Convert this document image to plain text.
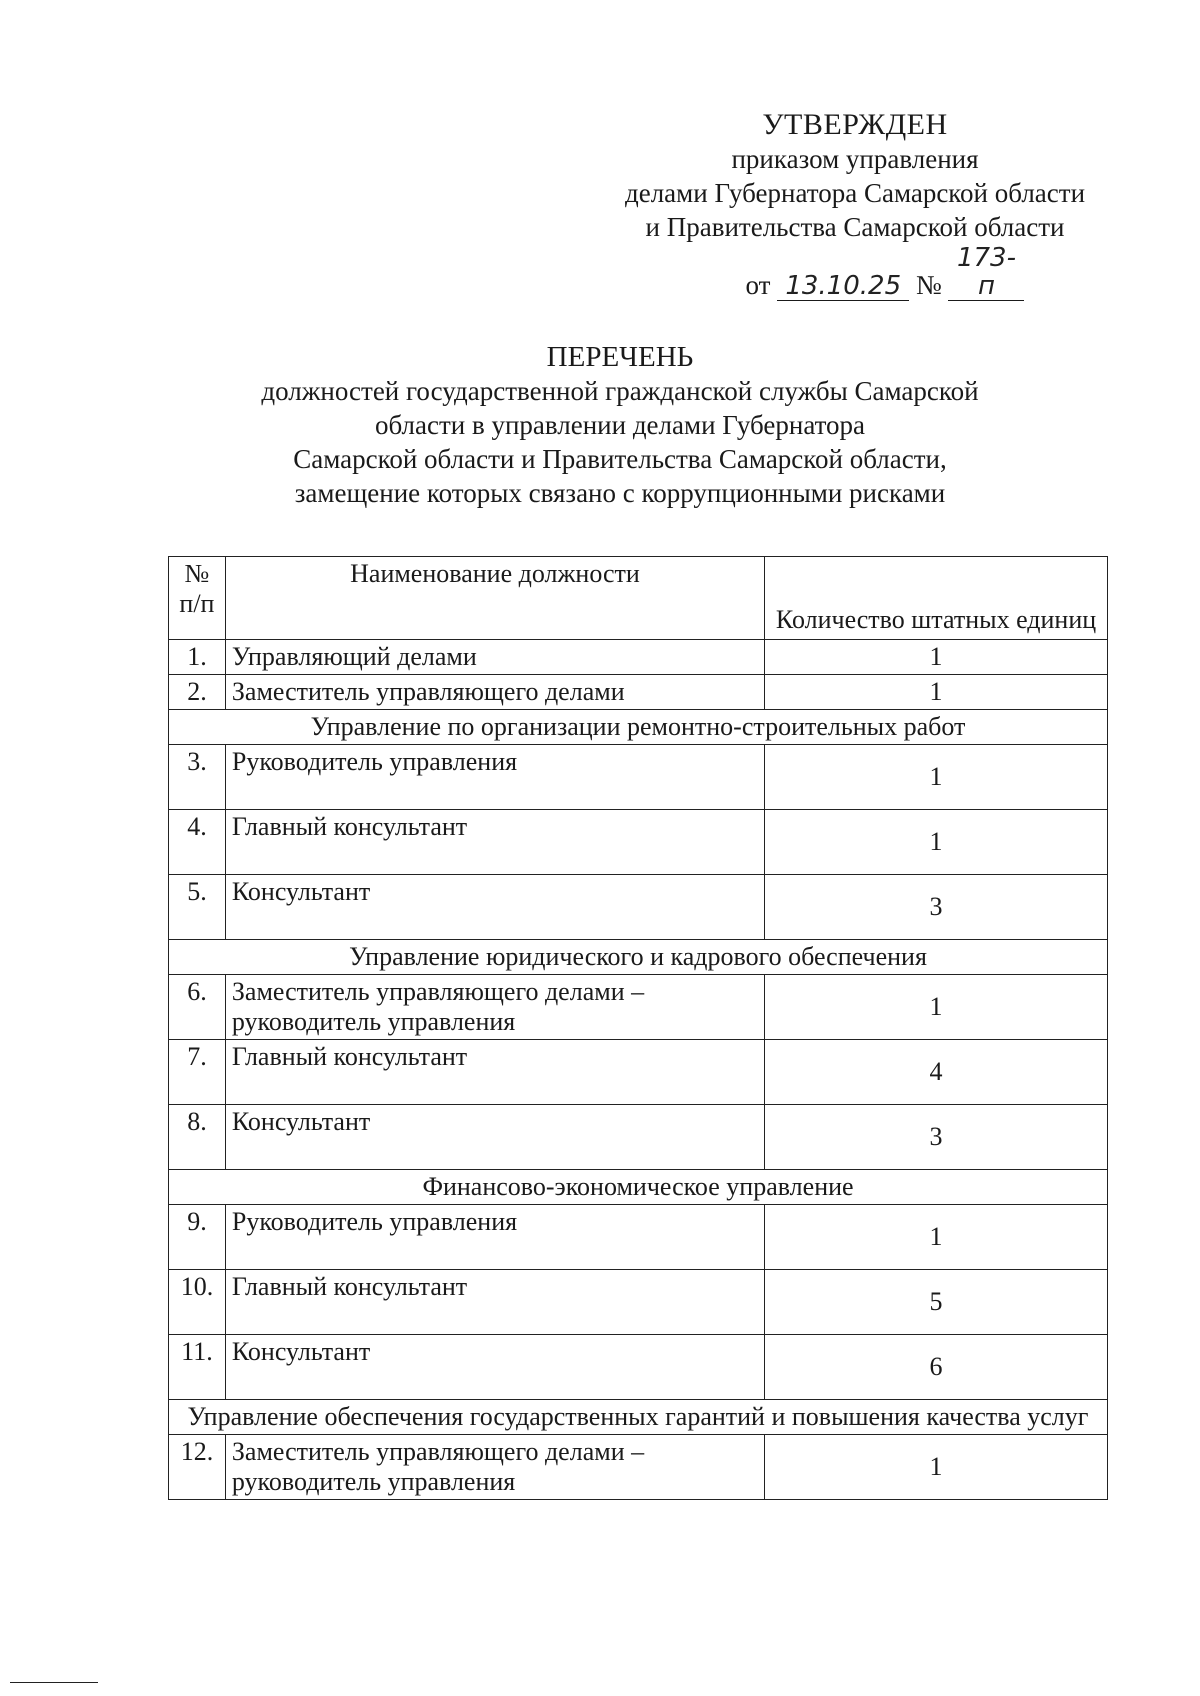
УТВЕРЖДЕН
приказом управления
делами Губернатора Самарской области
и Правительства Самарской области
от 13.10.25 № 173-п
ПЕРЕЧЕНЬ
должностей государственной гражданской службы Самарской
области в управлении делами Губернатора
Самарской области и Правительства Самарской области,
замещение которых связано с коррупционными рисками
№ п/п	Наименование должности	Количество штатных единиц
1.	Управляющий делами	1
2.	Заместитель управляющего делами	1
Управление по организации ремонтно-строительных работ		
3.	Руководитель управления	1
4.	Главный консультант	1
5.	Консультант	3
Управление юридического и кадрового обеспечения		
6.	Заместитель управляющего делами – руководитель управления	1
7.	Главный консультант	4
8.	Консультант	3
Финансово-экономическое управление		
9.	Руководитель управления	1
10.	Главный консультант	5
11.	Консультант	6
Управление обеспечения государственных гарантий и повышения качества услуг		
12.	Заместитель управляющего делами – руководитель управления	1
